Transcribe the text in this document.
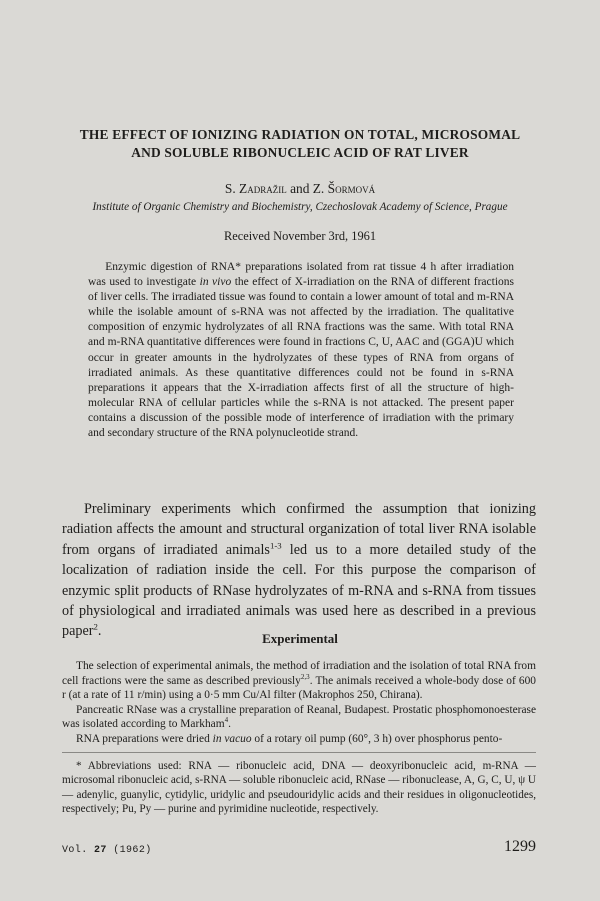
THE EFFECT OF IONIZING RADIATION ON TOTAL, MICROSOMAL
AND SOLUBLE RIBONUCLEIC ACID OF RAT LIVER
S. Zadražil and Z. Šormová
Institute of Organic Chemistry and Biochemistry, Czechoslovak Academy of Science, Prague
Received November 3rd, 1961

  Enzymic digestion of RNA* preparations isolated from rat tissue 4 h after irradiation was used to investigate in vivo the effect of X-irradiation on the RNA of different fractions of liver cells. The irradiated tissue was found to contain a lower amount of total and m-RNA while the isolable amount of s-RNA was not affected by the irradiation. The qualitative composition of enzymic hydrolyzates of all RNA fractions was the same. With total RNA and m-RNA quantitative differences were found in fractions C, U, AAC and (GGA)U which occur in greater amounts in the hydrolyzates of these types of RNA from organs of irradiated animals. As these quantitative differences could not be found in s-RNA preparations it appears that the X-irradiation affects first of all the structure of high-molecular RNA of cellular particles while the s-RNA is not attacked. The present paper contains a discussion of the possible mode of interference of irradiation with the primary and secondary structure of the RNA polynucleotide strand.

Preliminary experiments which confirmed the assumption that ionizing radiation affects the amount and structural organization of total liver RNA isolable from organs of irradiated animals$^{1-3}$ led us to a more detailed study of the localization of radiation inside the cell. For this purpose the comparison of enzymic split products of RNase hydrolyzates of m-RNA and s-RNA from tissues of physiological and irradiated animals was used here as described in a previous paper$^2$.	Experimental

The selection of experimental animals, the method of irradiation and the isolation of total RNA from cell fractions were the same as described previously$^{2,3}$. The animals received a whole-body dose of 600 r (at a rate of 11 r/min) using a 0·5 mm Cu/Al filter (Makrophos 250, Chirana).

Pancreatic RNase was a crystalline preparation of Reanal, Budapest. Prostatic phosphomonoesterase was isolated according to Markham$^4$.

RNA preparations were dried in vacuo of a rotary oil pump (60°, 3 h) over phosphorus pento-

* Abbreviations used: RNA — ribonucleic acid, DNA — deoxyribonucleic acid, m-RNA — microsomal ribonucleic acid, s-RNA — soluble ribonucleic acid, RNase — ribonuclease, A, G, C, U, ψ U — adenylic, guanylic, cytidylic, uridylic and pseudouridylic acids and their residues in oligonucleotides, respectively; Pu, Py — purine and pyrimidine nucleotide, respectively.

Vol. 27 (1962)	1299
